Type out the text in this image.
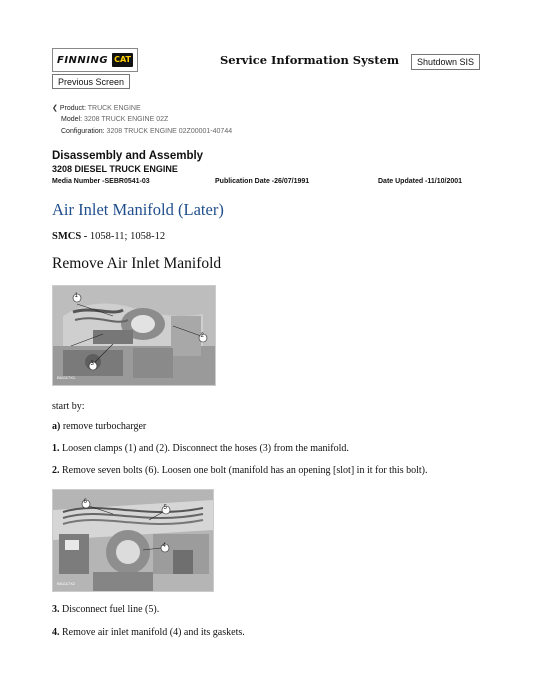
FINNING CAT	Service Information System	Shutdown SIS
Previous Screen
❮ Product: TRUCK ENGINE
Model: 3208 TRUCK ENGINE 02Z
Configuration: 3208 TRUCK ENGINE 02Z00001-40744
Disassembly and Assembly
3208 DIESEL TRUCK ENGINE
Media Number -SEBR0541-03	Publication Date -26/07/1991	Date Updated -11/10/2001
Air Inlet Manifold (Later)
SMCS - 1058-11; 1058-12
Remove Air Inlet Manifold
1
2
3
B61117X1
start by:
a) remove turbocharger
1. Loosen clamps (1) and (2). Disconnect the hoses (3) from the manifold.
2. Remove seven bolts (6). Loosen one bolt (manifold has an opening [slot] in it for this bolt).
6
5
4
B61117X2
3. Disconnect fuel line (5).
4. Remove air inlet manifold (4) and its gaskets.
